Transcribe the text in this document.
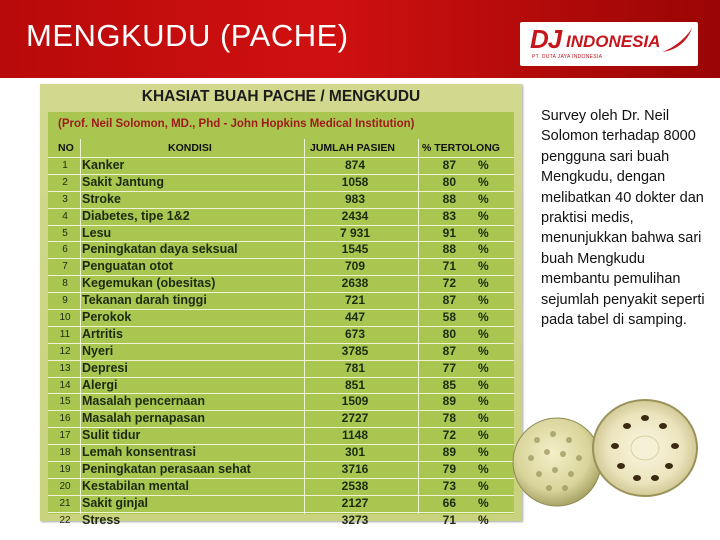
MENGKUDU (PACHE)	DJ INDONESIA
PT. DUTA JAYA INDONESIA
KHASIAT BUAH PACHE / MENGKUDU
(Prof. Neil Solomon, MD., Phd - John Hopkins Medical Institution)
NO	KONDISI	JUMLAH PASIEN	% TERTOLONG
1	Kanker	874	87 %
2	Sakit Jantung	1058	80 %
3	Stroke	983	88 %
4	Diabetes, tipe 1&2	2434	83 %
5	Lesu	7 931	91 %
6	Peningkatan daya seksual	1545	88 %
7	Penguatan otot	709	71 %
8	Kegemukan (obesitas)	2638	72 %
9	Tekanan darah tinggi	721	87 %
10 Perokok	447	58 %
11 Artritis	673	80 %
12 Nyeri	3785	87 %
13 Depresi	781	77 %
14 Alergi	851	85 %
15 Masalah pencernaan	1509	89 %
16 Masalah pernapasan	2727	78 %
17 Sulit tidur	1148	72 %
18 Lemah konsentrasi	301	89 %
19 Peningkatan perasaan sehat	3716	79 %
20 Kestabilan mental	2538	73 %
21 Sakit ginjal	2127	66 %
22 Stress	3273	71 %
Survey oleh Dr. Neil Solomon terhadap 8000 pengguna sari buah Mengkudu, dengan melibatkan 40 dokter dan praktisi medis, menunjukkan bahwa sari buah Mengkudu membantu pemulihan sejumlah penyakit seperti pada tabel di samping.
